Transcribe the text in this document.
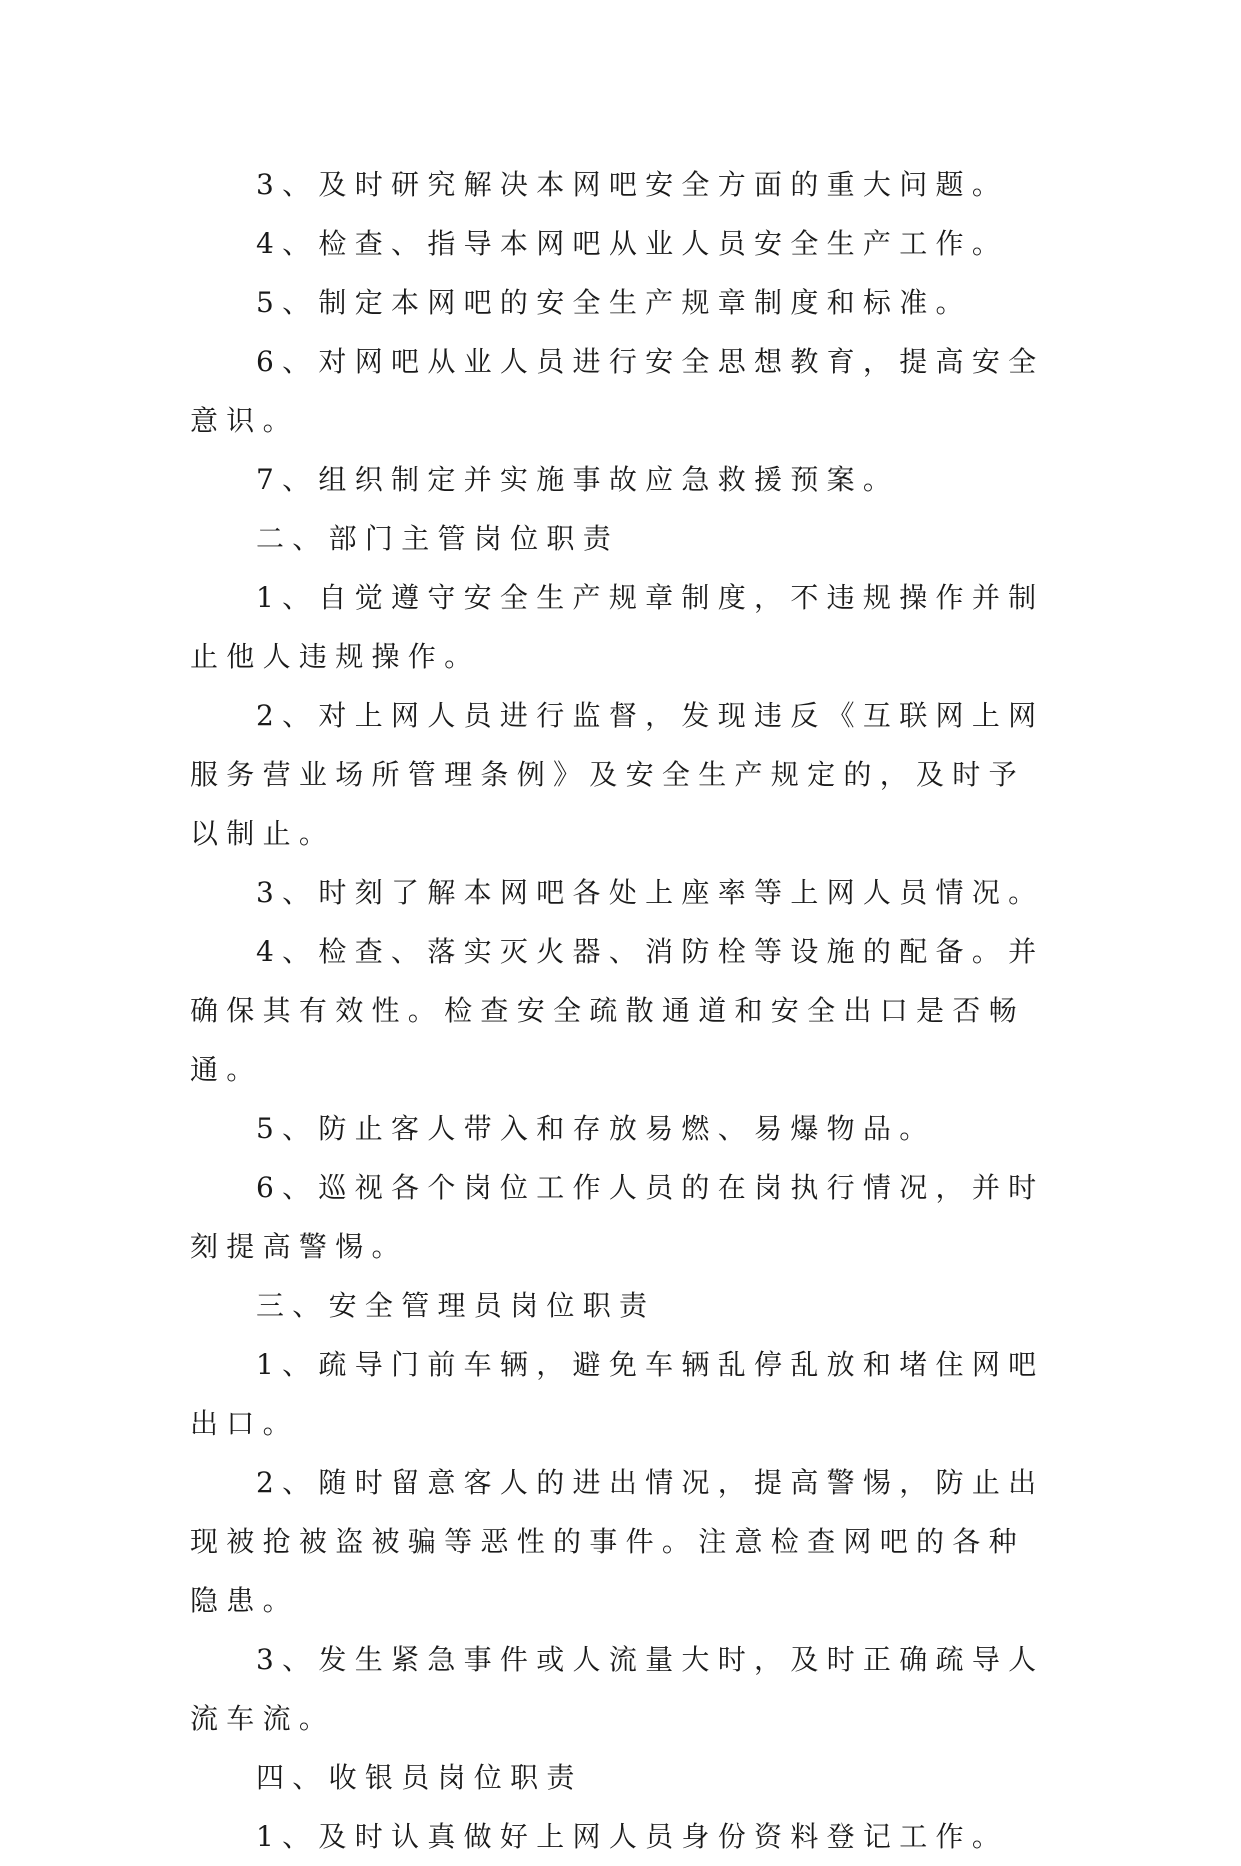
3、及时研究解决本网吧安全方面的重大问题。

4、检查、指导本网吧从业人员安全生产工作。

5、制定本网吧的安全生产规章制度和标准。

6、对网吧从业人员进行安全思想教育，提高安全意识。

7、组织制定并实施事故应急救援预案。

二、部门主管岗位职责

1、自觉遵守安全生产规章制度，不违规操作并制止他人违规操作。

2、对上网人员进行监督，发现违反《互联网上网服务营业场所管理条例》及安全生产规定的，及时予以制止。

3、时刻了解本网吧各处上座率等上网人员情况。

4、检查、落实灭火器、消防栓等设施的配备。并确保其有效性。检查安全疏散通道和安全出口是否畅通。

5、防止客人带入和存放易燃、易爆物品。

6、巡视各个岗位工作人员的在岗执行情况，并时刻提高警惕。

三、安全管理员岗位职责

1、疏导门前车辆，避免车辆乱停乱放和堵住网吧出口。

2、随时留意客人的进出情况，提高警惕，防止出现被抢被盗被骗等恶性的事件。注意检查网吧的各种隐患。

3、发生紧急事件或人流量大时，及时正确疏导人流车流。

四、收银员岗位职责

1、及时认真做好上网人员身份资料登记工作。
